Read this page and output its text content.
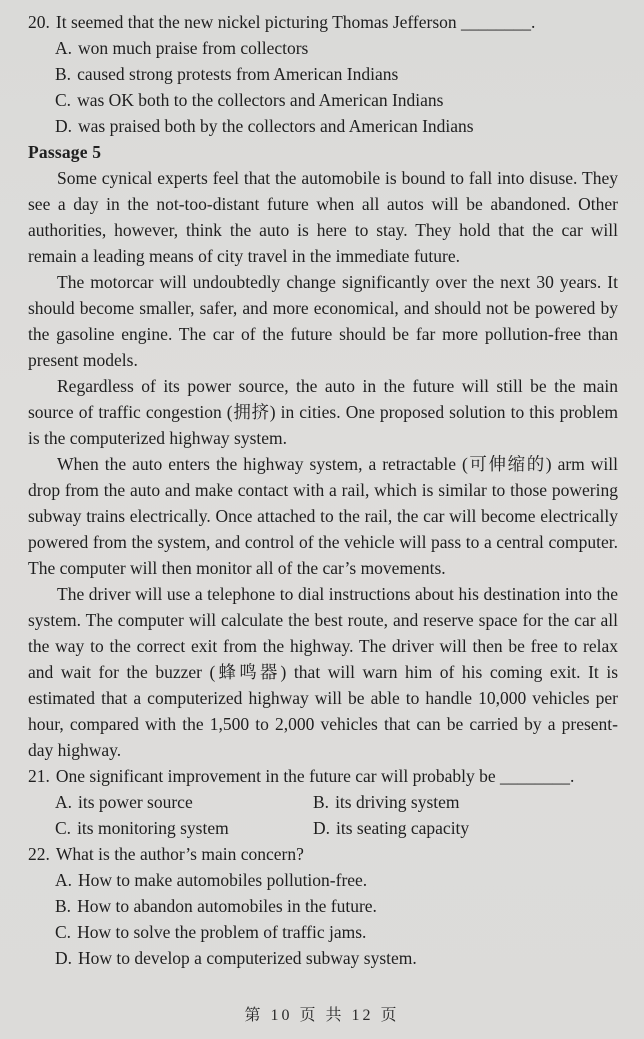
20. It seemed that the new nickel picturing Thomas Jefferson ________.

A. won much praise from collectors

B. caused strong protests from American Indians

C. was OK both to the collectors and American Indians

D. was praised both by the collectors and American Indians

Passage 5

Some cynical experts feel that the automobile is bound to fall into disuse. They see a day in the not-too-distant future when all autos will be abandoned. Other authorities, however, think the auto is here to stay. They hold that the car will remain a leading means of city travel in the immediate future.

The motorcar will undoubtedly change significantly over the next 30 years. It should become smaller, safer, and more economical, and should not be powered by the gasoline engine. The car of the future should be far more pollution-free than present models.

Regardless of its power source, the auto in the future will still be the main source of traffic congestion (拥挤) in cities. One proposed solution to this problem is the computerized highway system.

When the auto enters the highway system, a retractable (可伸缩的) arm will drop from the auto and make contact with a rail, which is similar to those powering subway trains electrically. Once attached to the rail, the car will become electrically powered from the system, and control of the vehicle will pass to a central computer. The computer will then monitor all of the car’s movements.

The driver will use a telephone to dial instructions about his destination into the system. The computer will calculate the best route, and reserve space for the car all the way to the correct exit from the highway. The driver will then be free to relax and wait for the buzzer (蜂鸣器) that will warn him of his coming exit. It is estimated that a computerized highway will be able to handle 10,000 vehicles per hour, compared with the 1,500 to 2,000 vehicles that can be carried by a present-day highway.

21. One significant improvement in the future car will probably be ________.

A. its power source	B. its driving system

C. its monitoring system	D. its seating capacity

22. What is the author’s main concern?

A. How to make automobiles pollution-free.

B. How to abandon automobiles in the future.

C. How to solve the problem of traffic jams.

D. How to develop a computerized subway system.

第 10 页 共 12 页
